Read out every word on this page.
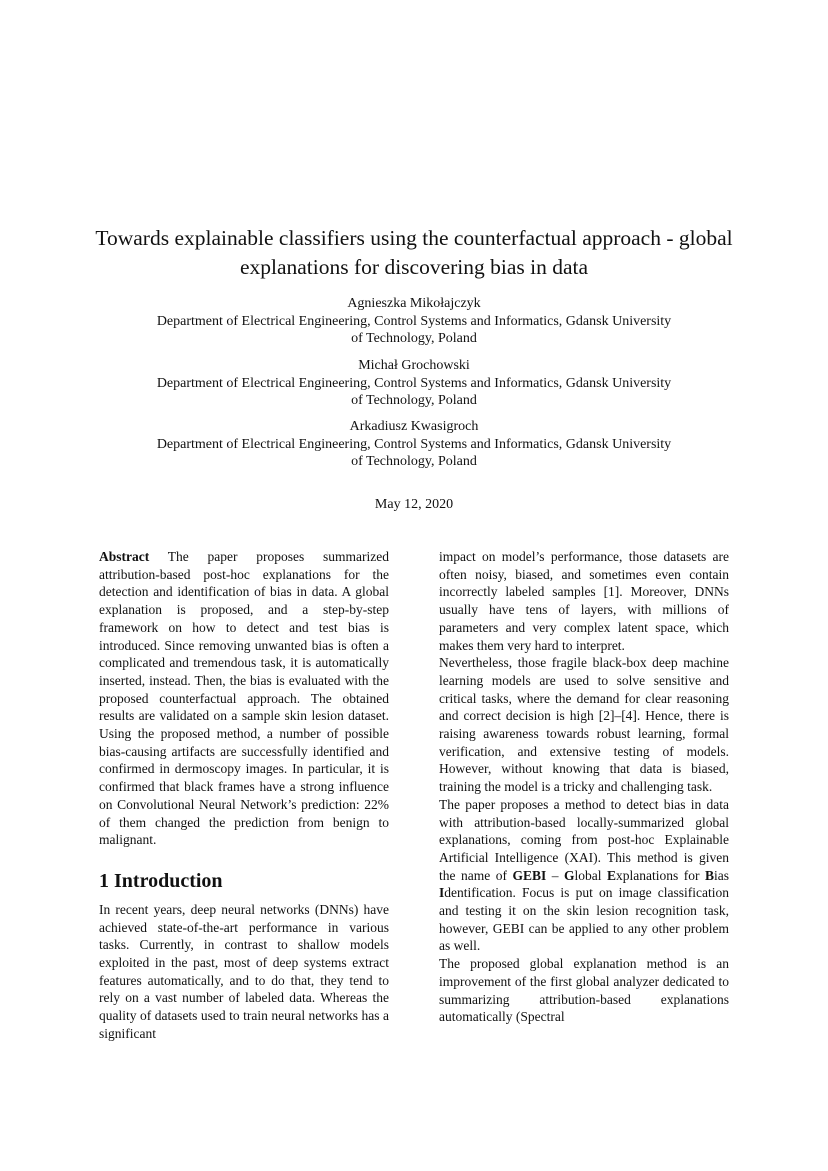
Towards explainable classifiers using the counterfactual approach - global explanations for discovering bias in data
Agnieszka Mikołajczyk
Department of Electrical Engineering, Control Systems and Informatics, Gdansk University of Technology, Poland
Michał Grochowski
Department of Electrical Engineering, Control Systems and Informatics, Gdansk University of Technology, Poland
Arkadiusz Kwasigroch
Department of Electrical Engineering, Control Systems and Informatics, Gdansk University of Technology, Poland
May 12, 2020

Abstract The paper proposes summarized attribution-based post-hoc explanations for the detection and identification of bias in data. A global explanation is proposed, and a step-by-step framework on how to detect and test bias is introduced. Since removing unwanted bias is often a complicated and tremendous task, it is automatically inserted, instead. Then, the bias is evaluated with the proposed counterfactual approach. The obtained results are validated on a sample skin lesion dataset. Using the proposed method, a number of possible bias-causing artifacts are successfully identified and confirmed in dermoscopy images. In particular, it is confirmed that black frames have a strong influence on Convolutional Neural Network’s prediction: 22% of them changed the prediction from benign to malignant.

1 Introduction

In recent years, deep neural networks (DNNs) have achieved state-of-the-art performance in various tasks. Currently, in contrast to shallow models exploited in the past, most of deep systems extract features automatically, and to do that, they tend to rely on a vast number of labeled data. Whereas the quality of datasets used to train neural networks has a significant

impact on model’s performance, those datasets are often noisy, biased, and sometimes even contain incorrectly labeled samples [1]. Moreover, DNNs usually have tens of layers, with millions of parameters and very complex latent space, which makes them very hard to interpret.

Nevertheless, those fragile black-box deep machine learning models are used to solve sensitive and critical tasks, where the demand for clear reasoning and correct decision is high [2]–[4]. Hence, there is raising awareness towards robust learning, formal verification, and extensive testing of models. However, without knowing that data is biased, training the model is a tricky and challenging task.

The paper proposes a method to detect bias in data with attribution-based locally-summarized global explanations, coming from post-hoc Explainable Artificial Intelligence (XAI). This method is given the name of GEBI – Global Explanations for Bias Identification. Focus is put on image classification and testing it on the skin lesion recognition task, however, GEBI can be applied to any other problem as well.

The proposed global explanation method is an improvement of the first global analyzer dedicated to summarizing attribution-based explanations automatically (Spectral
